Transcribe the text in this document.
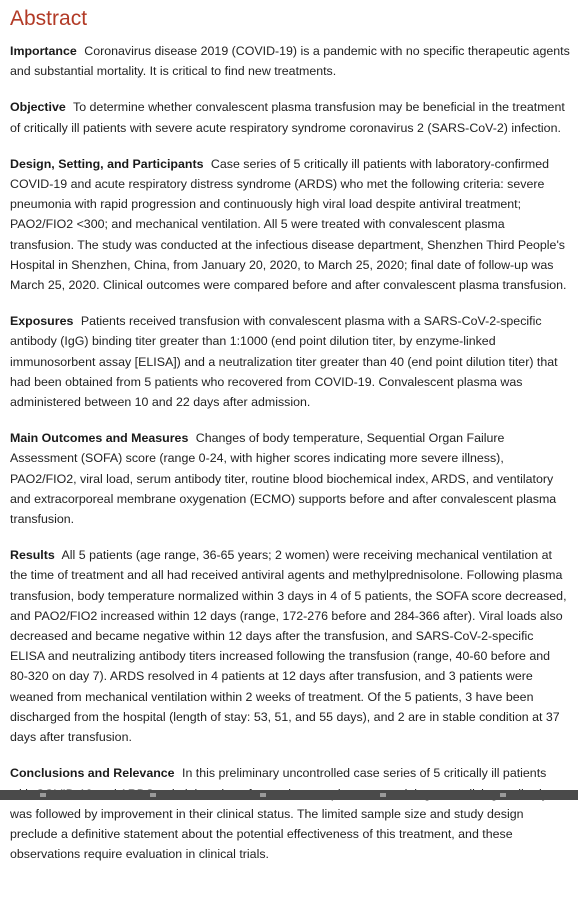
Abstract

Importance Coronavirus disease 2019 (COVID-19) is a pandemic with no specific therapeutic agents and substantial mortality. It is critical to find new treatments.

Objective To determine whether convalescent plasma transfusion may be beneficial in the treatment of critically ill patients with severe acute respiratory syndrome coronavirus 2 (SARS-CoV-2) infection.

Design, Setting, and Participants Case series of 5 critically ill patients with laboratory-confirmed COVID-19 and acute respiratory distress syndrome (ARDS) who met the following criteria: severe pneumonia with rapid progression and continuously high viral load despite antiviral treatment; PAO2/FIO2 <300; and mechanical ventilation. All 5 were treated with convalescent plasma transfusion. The study was conducted at the infectious disease department, Shenzhen Third People's Hospital in Shenzhen, China, from January 20, 2020, to March 25, 2020; final date of follow-up was March 25, 2020. Clinical outcomes were compared before and after convalescent plasma transfusion.

Exposures Patients received transfusion with convalescent plasma with a SARS-CoV-2-specific antibody (IgG) binding titer greater than 1:1000 (end point dilution titer, by enzyme-linked immunosorbent assay [ELISA]) and a neutralization titer greater than 40 (end point dilution titer) that had been obtained from 5 patients who recovered from COVID-19. Convalescent plasma was administered between 10 and 22 days after admission.

Main Outcomes and Measures Changes of body temperature, Sequential Organ Failure Assessment (SOFA) score (range 0-24, with higher scores indicating more severe illness), PAO2/FIO2, viral load, serum antibody titer, routine blood biochemical index, ARDS, and ventilatory and extracorporeal membrane oxygenation (ECMO) supports before and after convalescent plasma transfusion.

Results All 5 patients (age range, 36-65 years; 2 women) were receiving mechanical ventilation at the time of treatment and all had received antiviral agents and methylprednisolone. Following plasma transfusion, body temperature normalized within 3 days in 4 of 5 patients, the SOFA score decreased, and PAO2/FIO2 increased within 12 days (range, 172-276 before and 284-366 after). Viral loads also decreased and became negative within 12 days after the transfusion, and SARS-CoV-2-specific ELISA and neutralizing antibody titers increased following the transfusion (range, 40-60 before and 80-320 on day 7). ARDS resolved in 4 patients at 12 days after transfusion, and 3 patients were weaned from mechanical ventilation within 2 weeks of treatment. Of the 5 patients, 3 have been discharged from the hospital (length of stay: 53, 51, and 55 days), and 2 are in stable condition at 37 days after transfusion.

Conclusions and Relevance In this preliminary uncontrolled case series of 5 critically ill patients was followed by improvement in their clinical status. The limited sample size and study design preclude a definitive statement about the potential effectiveness of this treatment, and these observations require evaluation in clinical trials.
